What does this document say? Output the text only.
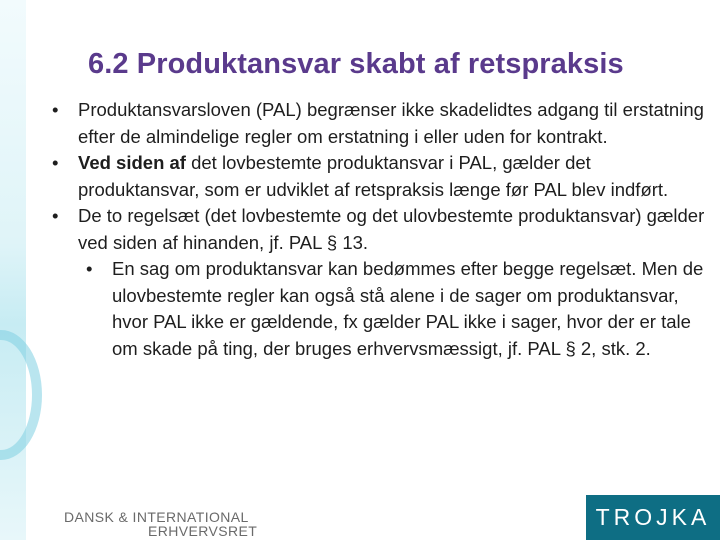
6.2 Produktansvar skabt af retspraksis
• Produktansvarsloven (PAL) begrænser ikke skadelidtes adgang til erstatning efter de almindelige regler om erstatning i eller uden for kontrakt.
• Ved siden af det lovbestemte produktansvar i PAL, gælder det produktansvar, som er udviklet af retspraksis længe før PAL blev indført.
• De to regelsæt (det lovbestemte og det ulovbestemte produktansvar) gælder ved siden af hinanden, jf. PAL § 13.
• En sag om produktansvar kan bedømmes efter begge regelsæt. Men de ulovbestemte regler kan også stå alene i de sager om produktansvar, hvor PAL ikke er gældende, fx gælder PAL ikke i sager, hvor der er tale om skade på ting, der bruges erhvervsmæssigt, jf. PAL § 2, stk. 2.
DANSK & INTERNATIONAL
ERHVERVSRET
TROJKA
